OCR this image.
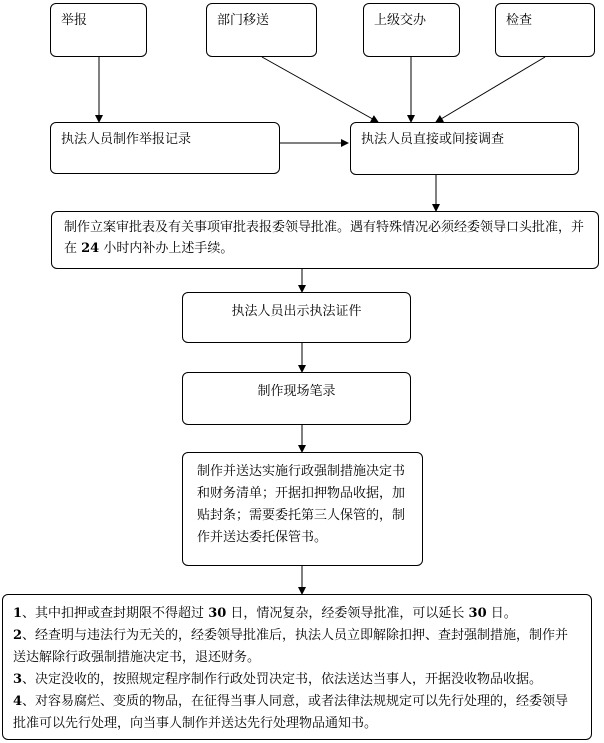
举报	部门移送	上级交办	检查
执法人员制作举报记录	执法人员直接或间接调查
制作立案审批表及有关事项审批表报委领导批准。遇有特殊情况必须经委领导口头批准，并在 24 小时内补办上述手续。
执法人员出示执法证件
制作现场笔录
制作并送达实施行政强制措施决定书和财务清单；开据扣押物品收据，加贴封条；需要委托第三人保管的，制作并送达委托保管书。

1、其中扣押或查封期限不得超过 30 日，情况复杂，经委领导批准，可以延长 30 日。

2、经查明与违法行为无关的，经委领导批准后，执法人员立即解除扣押、查封强制措施，制作并送达解除行政强制措施决定书，退还财务。

3、决定没收的，按照规定程序制作行政处罚决定书，依法送达当事人，开据没收物品收据。

4、对容易腐烂、变质的物品，在征得当事人同意，或者法律法规规定可以先行处理的，经委领导批准可以先行处理，向当事人制作并送达先行处理物品通知书。
